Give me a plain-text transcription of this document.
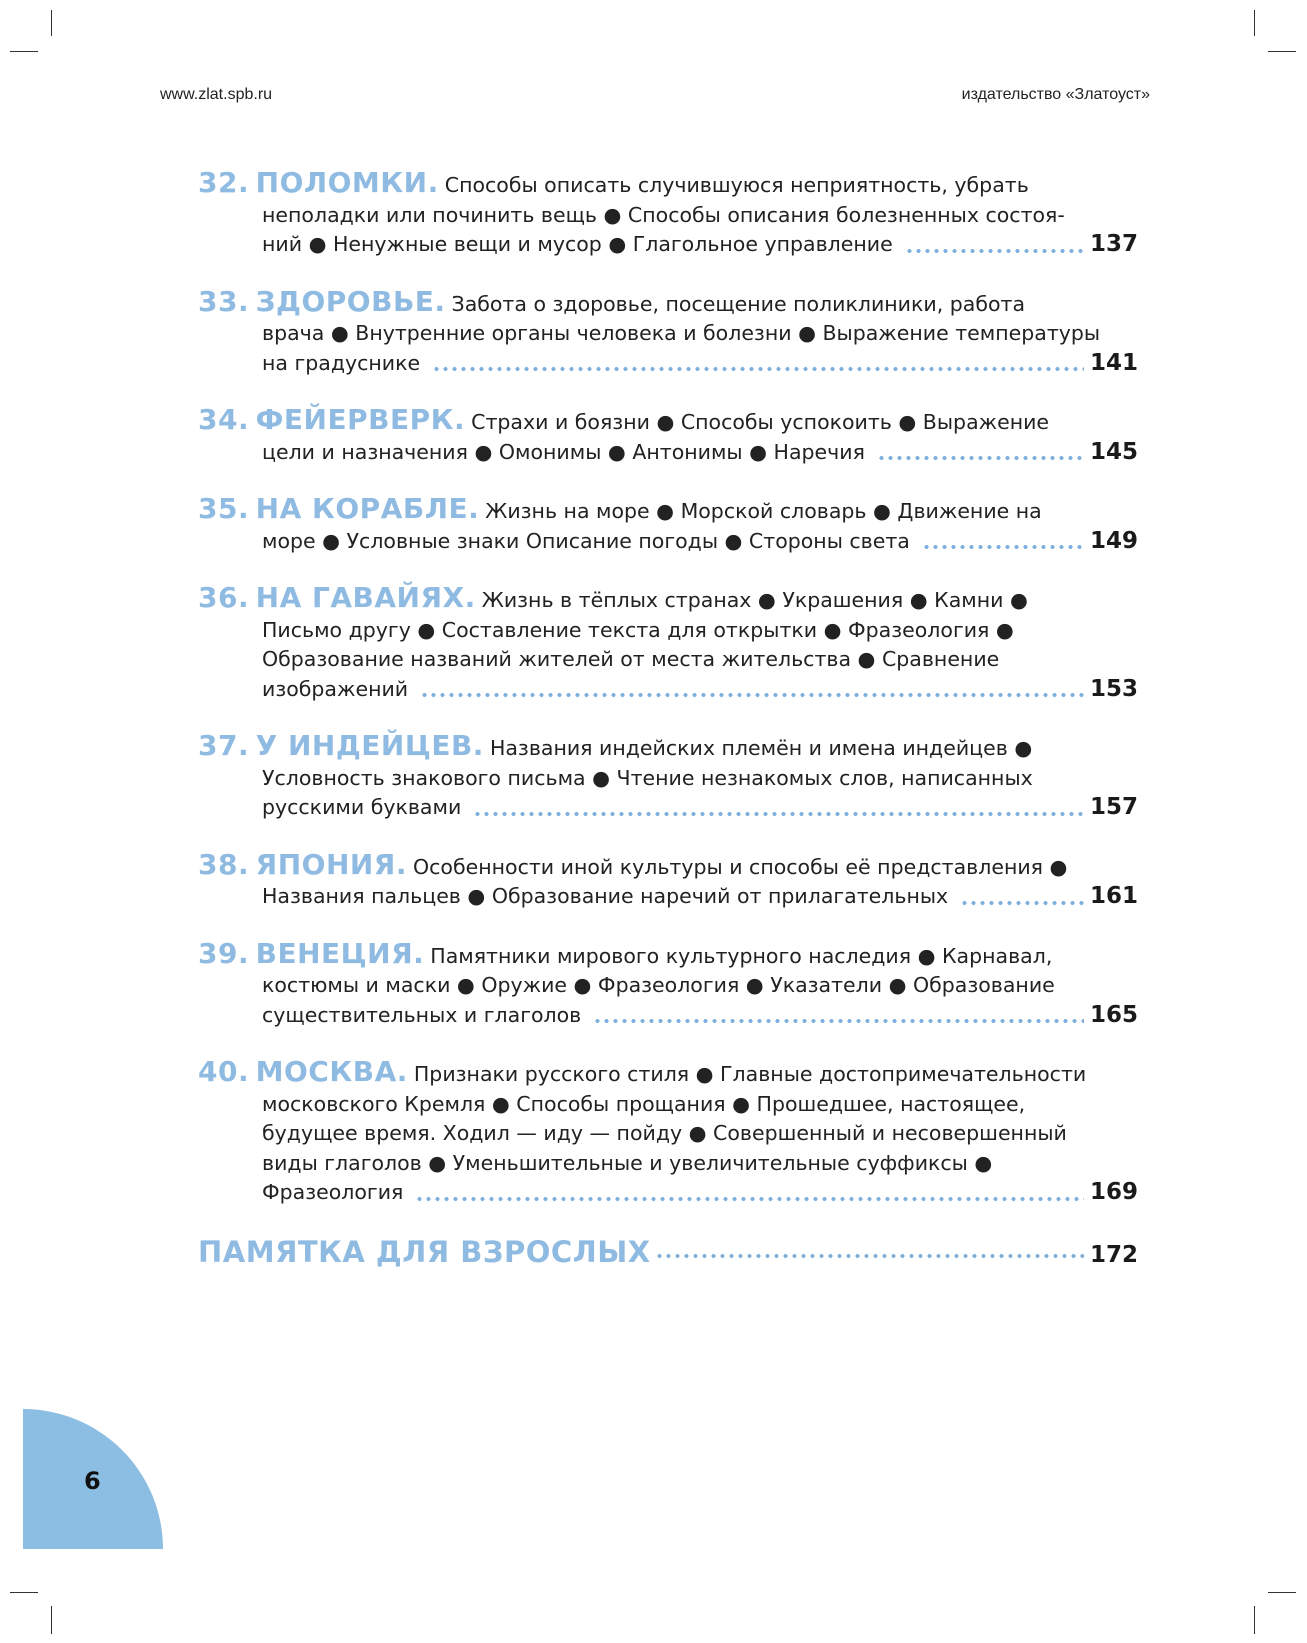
www.zlat.spb.ru	издательство «Златоуст»
32. ПОЛОМКИ. Способы описать случившуюся неприятность, убрать
неполадки или починить вещь ● Способы описания болезненных состоя-
ний ● Ненужные вещи и мусор ● Глагольное управление	137
33. ЗДОРОВЬЕ. Забота о здоровье, посещение поликлиники, работа
врача ● Внутренние органы человека и болезни ● Выражение температуры
на градуснике	141
34. ФЕЙЕРВЕРК. Страхи и боязни ● Способы успокоить ● Выражение
цели и назначения ● Омонимы ● Антонимы ● Наречия	145
35. НА КОРАБЛЕ. Жизнь на море ● Морской словарь ● Движение на
море ● Условные знаки Описание погоды ● Стороны света	149
36. НА ГАВАЙЯХ. Жизнь в тёплых странах ● Украшения ● Камни ●
Письмо другу ● Составление текста для открытки ● Фразеология ●
Образование названий жителей от места жительства ● Сравнение
изображений	153
37. У ИНДЕЙЦЕВ. Названия индейских племён и имена индейцев ●
Условность знакового письма ● Чтение незнакомых слов, написанных
русскими буквами	157
38. ЯПОНИЯ. Особенности иной культуры и способы её представления ●
Названия пальцев ● Образование наречий от прилагательных	161
39. ВЕНЕЦИЯ. Памятники мирового культурного наследия ● Карнавал,
костюмы и маски ● Оружие ● Фразеология ● Указатели ● Образование
существительных и глаголов	165
40. МОСКВА. Признаки русского стиля ● Главные достопримечательности
московского Кремля ● Способы прощания ● Прошедшее, настоящее,
будущее время. Ходил — иду — пойду ● Совершенный и несовершенный
виды глаголов ● Уменьшительные и увеличительные суффиксы ●
Фразеология	169
ПАМЯТКА ДЛЯ ВЗРОСЛЫХ	172
6
